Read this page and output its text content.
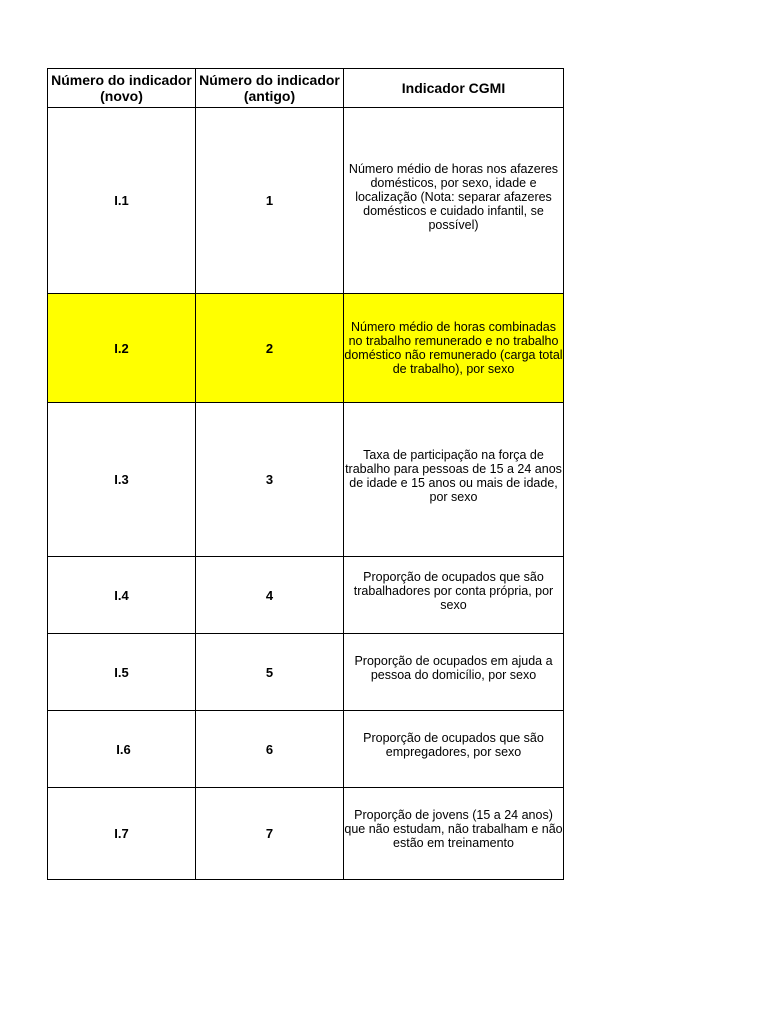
Número do indicador (novo)	Número do indicador (antigo)	Indicador CGMI
I.1	1	Número médio de horas nos afazeres domésticos, por sexo, idade e localização (Nota: separar afazeres domésticos e cuidado infantil, se possível)

I.2	2	Número médio de horas combinadas no trabalho remunerado e no trabalho doméstico não remunerado (carga total de trabalho), por sexo

I.3	3	Taxa de participação na força de trabalho para pessoas de 15 a 24 anos de idade e 15 anos ou mais de idade, por sexo

I.4	4	Proporção de ocupados que são trabalhadores por conta própria, por sexo

I.5	5	Proporção de ocupados em ajuda a pessoa do domicílio, por sexo

I.6	6	Proporção de ocupados que são empregadores, por sexo

I.7	7	Proporção de jovens (15 a 24 anos) que não estudam, não trabalham e não estão em treinamento
